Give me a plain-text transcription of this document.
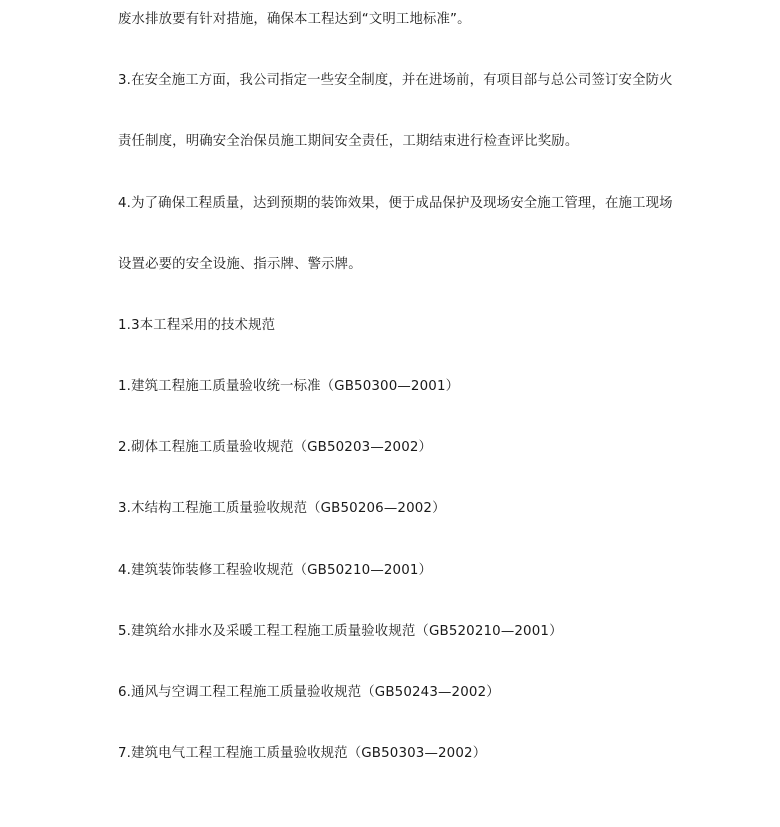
废水排放要有针对措施，确保本工程达到“文明工地标准”。
3.在安全施工方面，我公司指定一些安全制度，并在进场前，有项目部与总公司签订安全防火
责任制度，明确安全治保员施工期间安全责任，工期结束进行检查评比奖励。
4.为了确保工程质量，达到预期的装饰效果，便于成品保护及现场安全施工管理，在施工现场
设置必要的安全设施、指示牌、警示牌。
1.3本工程采用的技术规范
1.建筑工程施工质量验收统一标准（GB50300—2001）
2.砌体工程施工质量验收规范（GB50203—2002）
3.木结构工程施工质量验收规范（GB50206—2002）
4.建筑装饰装修工程验收规范（GB50210—2001）
5.建筑给水排水及采暖工程工程施工质量验收规范（GB520210—2001）
6.通风与空调工程工程施工质量验收规范（GB50243—2002）
7.建筑电气工程工程施工质量验收规范（GB50303—2002）
